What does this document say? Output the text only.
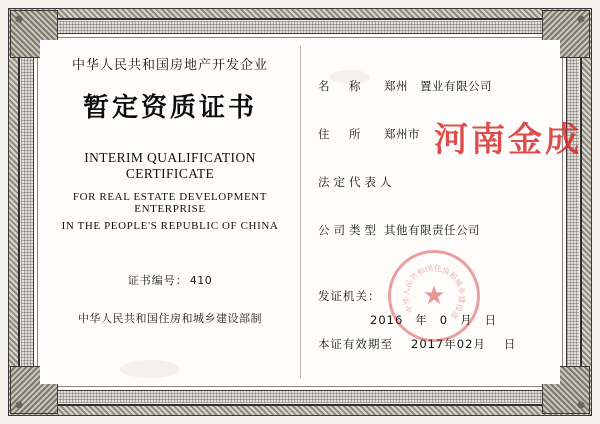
中华人民共和国房地产开发企业
暂定资质证书
INTERIM QUALIFICATION CERTIFICATE
FOR REAL ESTATE DEVELOPMENT ENTERPRISE
IN THE PEOPLE'S REPUBLIC OF CHINA
证书编号： 410
中华人民共和国住房和城乡建设部制
名　称 郑州　置业有限公司
住　所 郑州市
法定代表人
公司类型 其他有限责任公司
发证机关：
2016 年 0 月 日
本证有效期至 2017年02月 日
★
中
华
人
民
共
和
国 住 房
和
城
乡
建
设
部
河南金成
